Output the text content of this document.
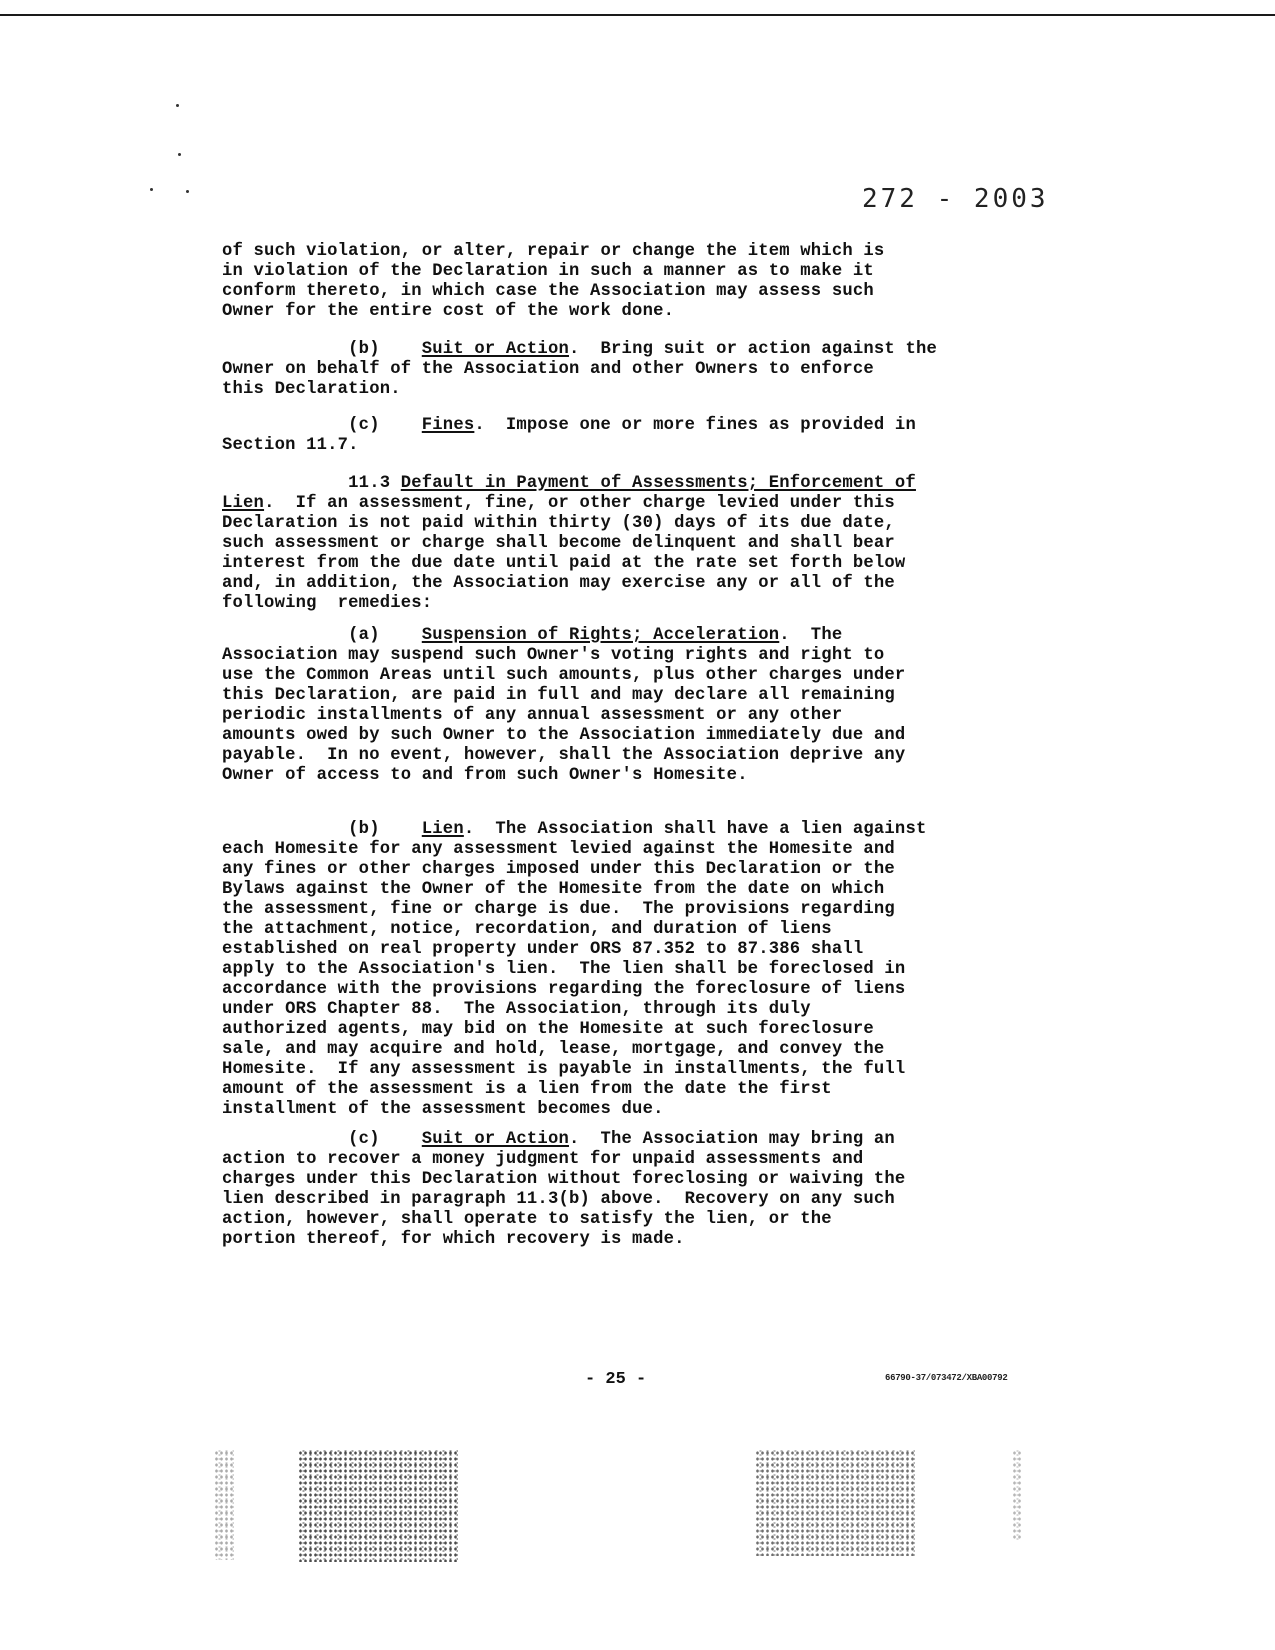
272 - 2003
of such violation, or alter, repair or change the item which is
in violation of the Declaration in such a manner as to make it
conform thereto, in which case the Association may assess such
Owner for the entire cost of the work done.
(b) Suit or Action.  Bring suit or action against the
Owner on behalf of the Association and other Owners to enforce
this Declaration.
(c) Fines.  Impose one or more fines as provided in
Section 11.7.
11.3 Default in Payment of Assessments; Enforcement of
Lien.  If an assessment, fine, or other charge levied under this
Declaration is not paid within thirty (30) days of its due date,
such assessment or charge shall become delinquent and shall bear
interest from the due date until paid at the rate set forth below
and, in addition, the Association may exercise any or all of the
following  remedies:
(a) Suspension of Rights; Acceleration.  The
Association may suspend such Owner's voting rights and right to
use the Common Areas until such amounts, plus other charges under
this Declaration, are paid in full and may declare all remaining
periodic installments of any annual assessment or any other
amounts owed by such Owner to the Association immediately due and
payable.  In no event, however, shall the Association deprive any
Owner of access to and from such Owner's Homesite.
(b) Lien.  The Association shall have a lien against
each Homesite for any assessment levied against the Homesite and
any fines or other charges imposed under this Declaration or the
Bylaws against the Owner of the Homesite from the date on which
the assessment, fine or charge is due.  The provisions regarding
the attachment, notice, recordation, and duration of liens
established on real property under ORS 87.352 to 87.386 shall
apply to the Association's lien.  The lien shall be foreclosed in
accordance with the provisions regarding the foreclosure of liens
under ORS Chapter 88.  The Association, through its duly
authorized agents, may bid on the Homesite at such foreclosure
sale, and may acquire and hold, lease, mortgage, and convey the
Homesite.  If any assessment is payable in installments, the full
amount of the assessment is a lien from the date the first
installment of the assessment becomes due.
(c) Suit or Action.  The Association may bring an
action to recover a money judgment for unpaid assessments and
charges under this Declaration without foreclosing or waiving the
lien described in paragraph 11.3(b) above.  Recovery on any such
action, however, shall operate to satisfy the lien, or the
portion thereof, for which recovery is made.
- 25 -	66790-37/073472/XBA00792
